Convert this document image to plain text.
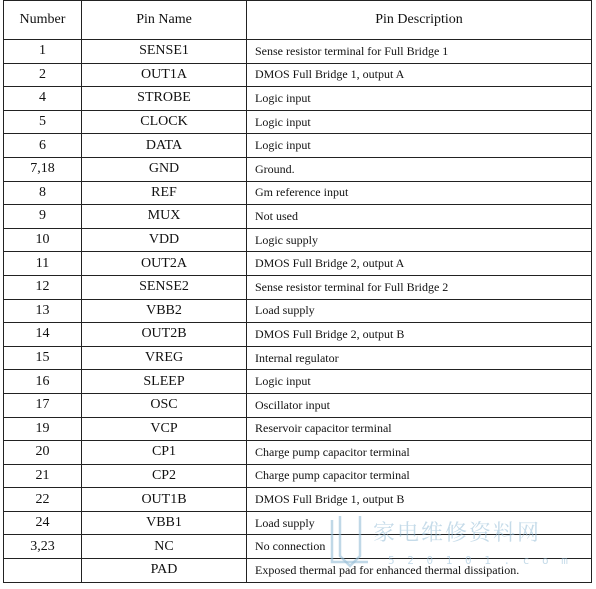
Number	Pin Name	Pin Description
1	SENSE1	Sense resistor terminal for Full Bridge 1
2	OUT1A	DMOS Full Bridge 1, output A
4	STROBE	Logic input
5	CLOCK	Logic input
6	DATA	Logic input
7,18	GND	Ground.
8	REF	Gm reference input
9	MUX	Not used
10	VDD	Logic supply
11	OUT2A	DMOS Full Bridge 2, output A
12	SENSE2	Sense resistor terminal for Full Bridge 2
13	VBB2	Load supply
14	OUT2B	DMOS Full Bridge 2, output B
15	VREG	Internal regulator
16	SLEEP	Logic input
17	OSC	Oscillator input
19	VCP	Reservoir capacitor terminal
20	CP1	Charge pump capacitor terminal
21	CP2	Charge pump capacitor terminal
22	OUT1B	DMOS Full Bridge 1, output B
24	VBB1	Load supply
3,23	NC	No connection
	PAD	Exposed thermal pad for enhanced thermal dissipation.
家电维修资料网
5 2 0 1 0 1 . c o m
